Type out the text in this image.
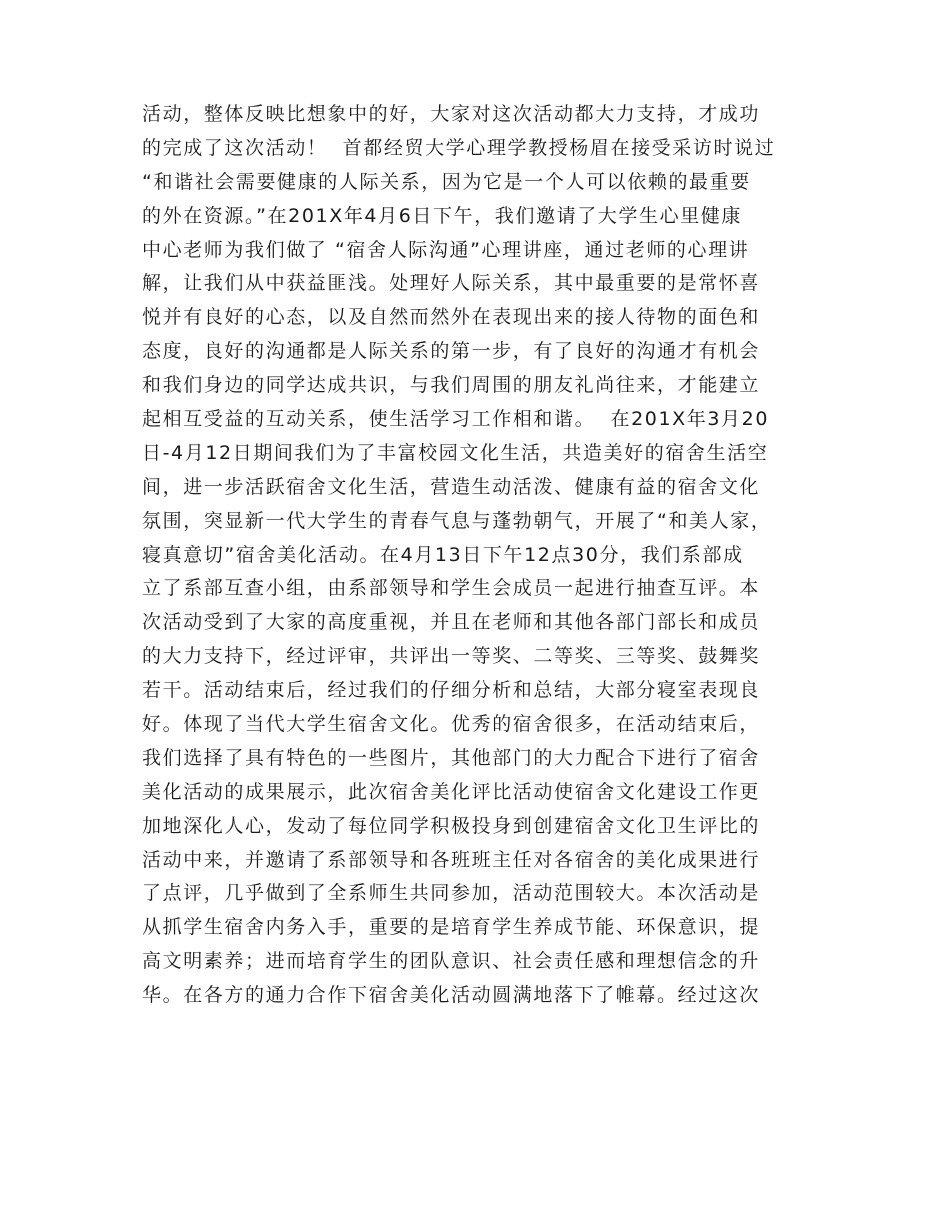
活动，整体反映比想象中的好，大家对这次活动都大力支持，才成功
的完成了这次活动！  首都经贸大学心理学教授杨眉在接受采访时说过
“和谐社会需要健康的人际关系，因为它是一个人可以依赖的最重要
的外在资源。”在201X年4月6日下午，我们邀请了大学生心里健康
中心老师为我们做了 “宿舍人际沟通”心理讲座，通过老师的心理讲
解，让我们从中获益匪浅。处理好人际关系，其中最重要的是常怀喜
悦并有良好的心态，以及自然而然外在表现出来的接人待物的面色和
态度，良好的沟通都是人际关系的第一步，有了良好的沟通才有机会
和我们身边的同学达成共识，与我们周围的朋友礼尚往来，才能建立
起相互受益的互动关系，使生活学习工作相和谐。  在201X年3月20
日-4月12日期间我们为了丰富校园文化生活，共造美好的宿舍生活空
间，进一步活跃宿舍文化生活，营造生动活泼、健康有益的宿舍文化
氛围，突显新一代大学生的青春气息与蓬勃朝气，开展了“和美人家，
寝真意切”宿舍美化活动。在4月13日下午12点30分，我们系部成
立了系部互查小组，由系部领导和学生会成员一起进行抽查互评。本
次活动受到了大家的高度重视，并且在老师和其他各部门部长和成员
的大力支持下，经过评审，共评出一等奖、二等奖、三等奖、鼓舞奖
若干。活动结束后，经过我们的仔细分析和总结，大部分寝室表现良
好。体现了当代大学生宿舍文化。优秀的宿舍很多，在活动结束后，
我们选择了具有特色的一些图片，其他部门的大力配合下进行了宿舍
美化活动的成果展示，此次宿舍美化评比活动使宿舍文化建设工作更
加地深化人心，发动了每位同学积极投身到创建宿舍文化卫生评比的
活动中来，并邀请了系部领导和各班班主任对各宿舍的美化成果进行
了点评，几乎做到了全系师生共同参加，活动范围较大。本次活动是
从抓学生宿舍内务入手，重要的是培育学生养成节能、环保意识，提
高文明素养；进而培育学生的团队意识、社会责任感和理想信念的升
华。在各方的通力合作下宿舍美化活动圆满地落下了帷幕。经过这次
